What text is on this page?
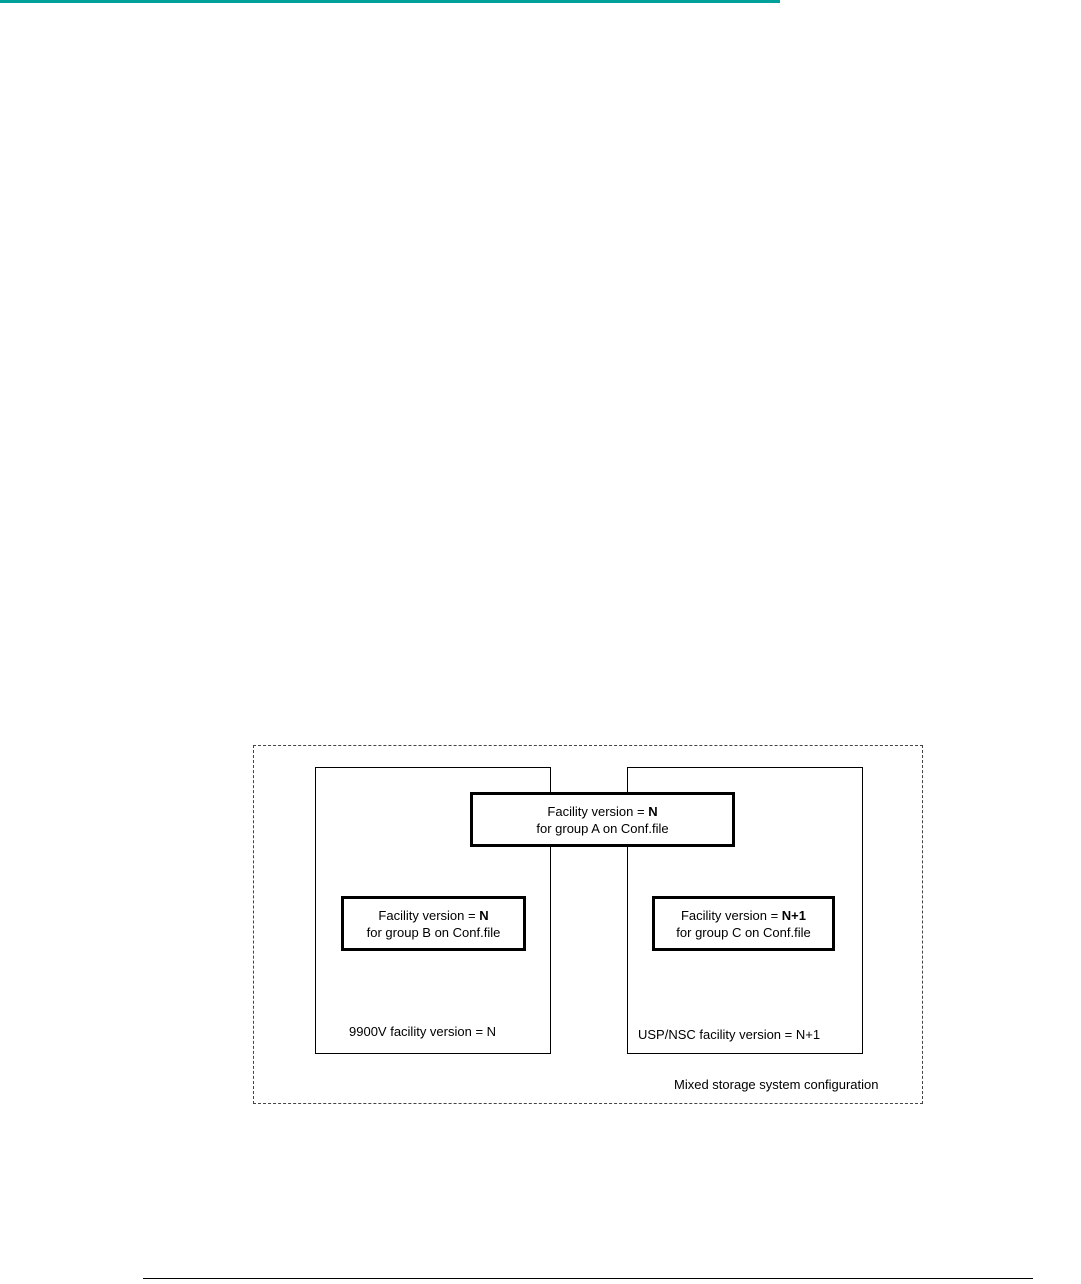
Facility version = N
for group A on Conf.file
Facility version = N
for group B on Conf.file
Facility version = N+1
for group C on Conf.file
9900V facility version = N	USP/NSC facility version = N+1
Mixed storage system configuration
